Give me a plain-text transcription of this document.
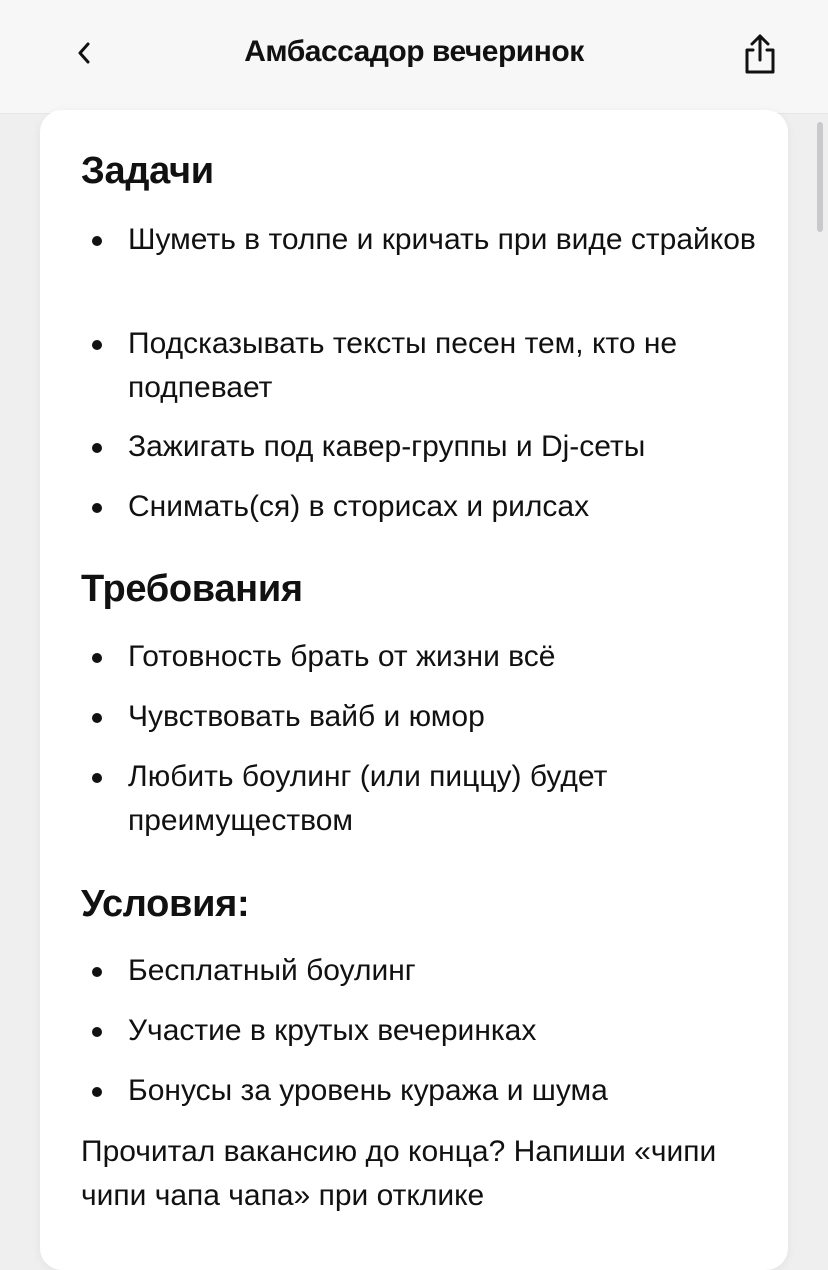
Амбассадор вечеринок
Задачи
Шуметь в толпе и кричать при виде страйков
Подсказывать тексты песен тем, кто не подпевает
Зажигать под кавер-группы и Dj-сеты
Снимать(ся) в сторисах и рилсах
Требования
Готовность брать от жизни всё
Чувствовать вайб и юмор
Любить боулинг (или пиццу) будет преимуществом
Условия:
Бесплатный боулинг
Участие в крутых вечеринках
Бонусы за уровень куража и шума
Прочитал вакансию до конца? Напиши «чипи чипи чапа чапа» при отклике
